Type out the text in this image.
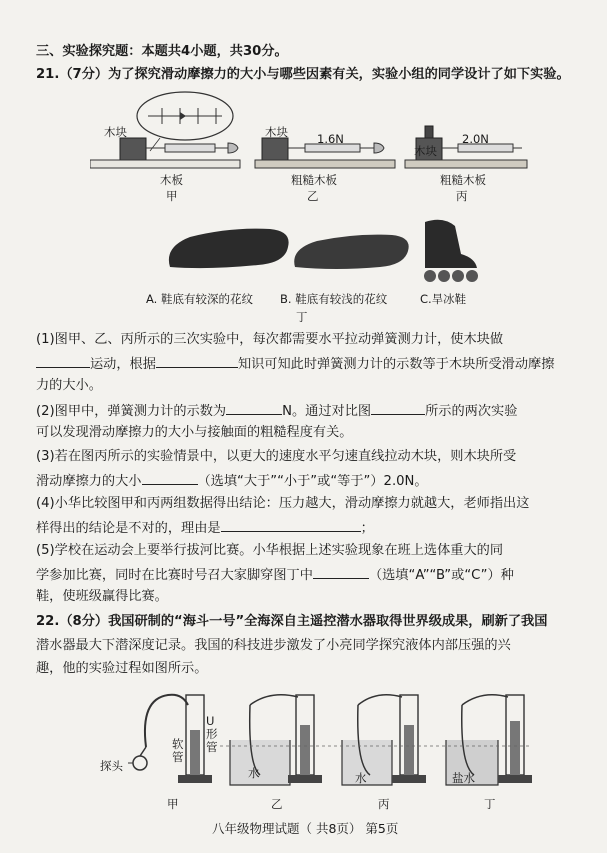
三、实验探究题：本题共4小题，共30分。
21.（7分）为了探究滑动摩擦力的大小与哪些因素有关，实验小组的同学设计了如下实验。
木块	木块	1.6N
木块
2.0N
木板
甲
粗糙木板
乙
粗糙木板
丙
A. 鞋底有较深的花纹 B. 鞋底有较浅的花纹	C.旱冰鞋
丁
(1)图甲、乙、丙所示的三次实验中，每次都需要水平拉动弹簧测力计，使木块做
运动，根据	知识可知此时弹簧测力计的示数等于木块所受滑动摩擦
力的大小。
(2)图甲中，弹簧测力计的示数为	N。通过对比图	所示的两次实验
可以发现滑动摩擦力的大小与接触面的粗糙程度有关。
(3)若在图丙所示的实验情景中，以更大的速度水平匀速直线拉动木块，则木块所受
滑动摩擦力的大小	（选填“大于”“小于”或“等于”）2.0N。
(4)小华比较图甲和丙两组数据得出结论：压力越大，滑动摩擦力就越大，老师指出这
样得出的结论是不对的，理由是	；
(5)学校在运动会上要举行拔河比赛。小华根据上述实验现象在班上选体重大的同
学参加比赛，同时在比赛时号召大家脚穿图丁中	（选填“A”“B”或“C”）种
鞋，使班级赢得比赛。
22.（8分）我国研制的“海斗一号”全海深自主遥控潜水器取得世界级成果，刷新了我国
潜水器最大下潜深度记录。我国的科技进步激发了小亮同学探究液体内部压强的兴
趣，他的实验过程如图所示。
U形管
软管
探头	水	水	盐水
甲	乙	丙	丁
八年级物理试题（ 共8页） 第5页
